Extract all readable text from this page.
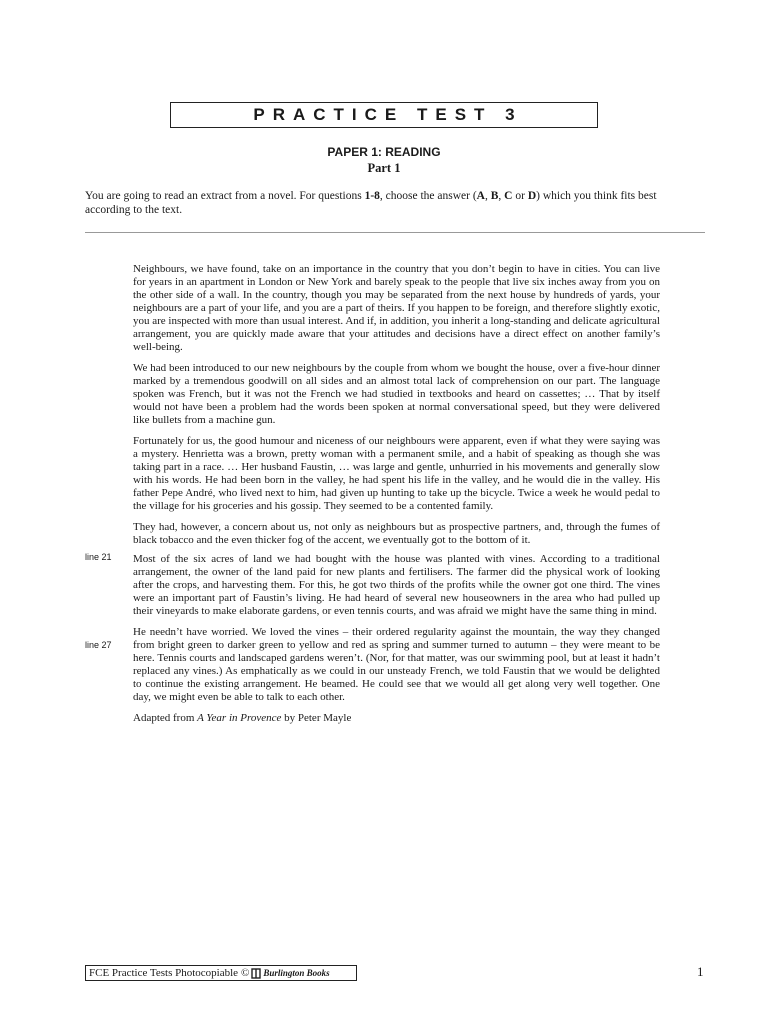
PRACTICE TEST 3
PAPER 1: READING
Part 1
You are going to read an extract from a novel. For questions 1-8, choose the answer (A, B, C or D) which you think fits best according to the text.

Neighbours, we have found, take on an importance in the country that you don’t begin to have in cities. You can live for years in an apartment in London or New York and barely speak to the people that live six inches away from you on the other side of a wall. In the country, though you may be separated from the next house by hundreds of yards, your neighbours are a part of your life, and you are a part of theirs. If you happen to be foreign, and therefore slightly exotic, you are inspected with more than usual interest. And if, in addition, you inherit a long-standing and delicate agricultural arrangement, you are quickly made aware that your attitudes and decisions have a direct effect on another family’s well-being.

We had been introduced to our new neighbours by the couple from whom we bought the house, over a five-hour dinner marked by a tremendous goodwill on all sides and an almost total lack of comprehension on our part. The language spoken was French, but it was not the French we had studied in textbooks and heard on cassettes; … That by itself would not have been a problem had the words been spoken at normal conversational speed, but they were delivered like bullets from a machine gun.

Fortunately for us, the good humour and niceness of our neighbours were apparent, even if what they were saying was a mystery. Henrietta was a brown, pretty woman with a permanent smile, and a habit of speaking as though she was taking part in a race. … Her husband Faustin, … was large and gentle, unhurried in his movements and generally slow with his words. He had been born in the valley, he had spent his life in the valley, and he would die in the valley. His father Pepe André, who lived next to him, had given up hunting to take up the bicycle. Twice a week he would pedal to the village for his groceries and his gossip. They seemed to be a contented family.

They had, however, a concern about us, not only as neighbours but as prospective partners, and, through the fumes of black tobacco and the even thicker fog of the accent, we eventually got to the bottom of it.

Most of the six acres of land we had bought with the house was planted with vines. According to a traditional arrangement, the owner of the land paid for new plants and fertilisers. The farmer did the physical work of looking after the crops, and harvesting them. For this, he got two thirds of the profits while the owner got one third. The vines were an important part of Faustin’s living. He had heard of several new houseowners in the area who had pulled up their vineyards to make elaborate gardens, or even tennis courts, and was afraid we might have the same thing in mind.

He needn’t have worried. We loved the vines – their ordered regularity against the mountain, the way they changed from bright green to darker green to yellow and red as spring and summer turned to autumn – they were meant to be here. Tennis courts and landscaped gardens weren’t. (Nor, for that matter, was our swimming pool, but at least it hadn’t replaced any vines.) As emphatically as we could in our unsteady French, we told Faustin that we would be delighted to continue the existing arrangement. He beamed. He could see that we would all get along very well together. One day, we might even be able to talk to each other.

Adapted from A Year in Provence by Peter Mayle
line 21
line 27
FCE Practice Tests Photocopiable © Burlington Books	1
